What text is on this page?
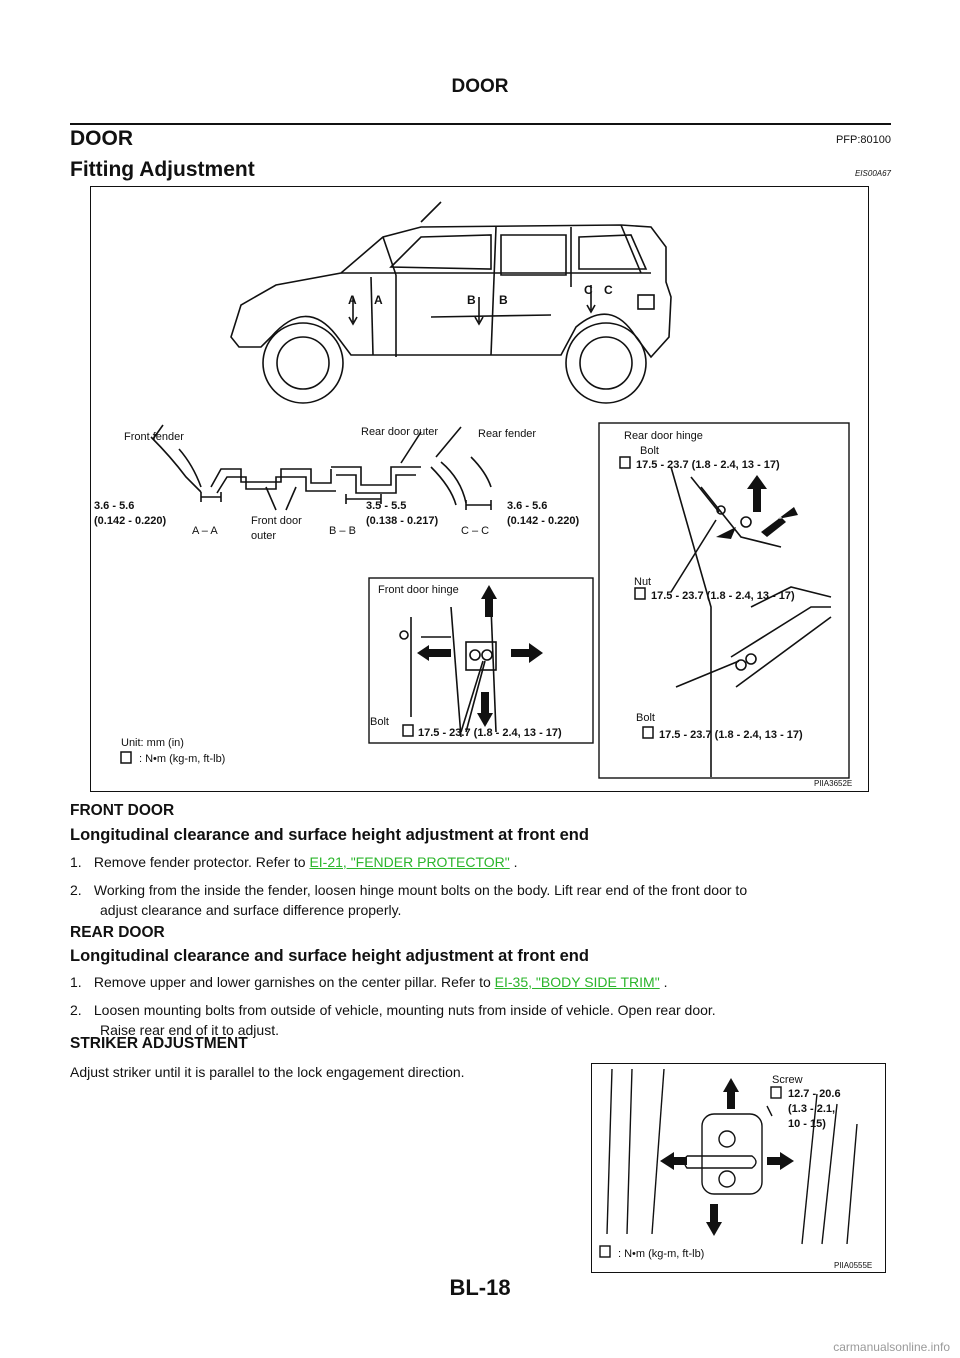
DOOR
DOOR	PFP:80100
Fitting Adjustment	EIS00A67
A A	B B
C C
Front fender	Rear door outer	Rear fender
Front door
outer
A – A	B – B	C – C
Rear door hinge
Bolt
Nut
Bolt
Front door hinge
Bolt
Unit: mm (in)
: N•m (kg-m, ft-lb)
3.6 - 5.6
(0.142 - 0.220)
3.5 - 5.5
(0.138 - 0.217)
3.6 - 5.6
(0.142 - 0.220)
17.5 - 23.7 (1.8 - 2.4, 13 - 17)
17.5 - 23.7 (1.8 - 2.4, 13 - 17)
17.5 - 23.7 (1.8 - 2.4, 13 - 17)
17.5 - 23.7 (1.8 - 2.4, 13 - 17)
PIIA3652E
FRONT DOOR
Longitudinal clearance and surface height adjustment at front end
1. Remove fender protector. Refer to EI-21, "FENDER PROTECTOR" .
2. Working from the inside the fender, loosen hinge mount bolts on the body. Lift rear end of the front door to
adjust clearance and surface difference properly.
REAR DOOR
Longitudinal clearance and surface height adjustment at front end
1. Remove upper and lower garnishes on the center pillar. Refer to EI-35, "BODY SIDE TRIM" .
2. Loosen mounting bolts from outside of vehicle, mounting nuts from inside of vehicle. Open rear door.
Raise rear end of it to adjust.
STRIKER ADJUSTMENT
Adjust striker until it is parallel to the lock engagement direction.	Screw
: N•m (kg-m, ft-lb)
12.7 - 20.6
(1.3 - 2.1,
10 - 15)
PIIA0555E
BL-18
carmanualsonline.info
